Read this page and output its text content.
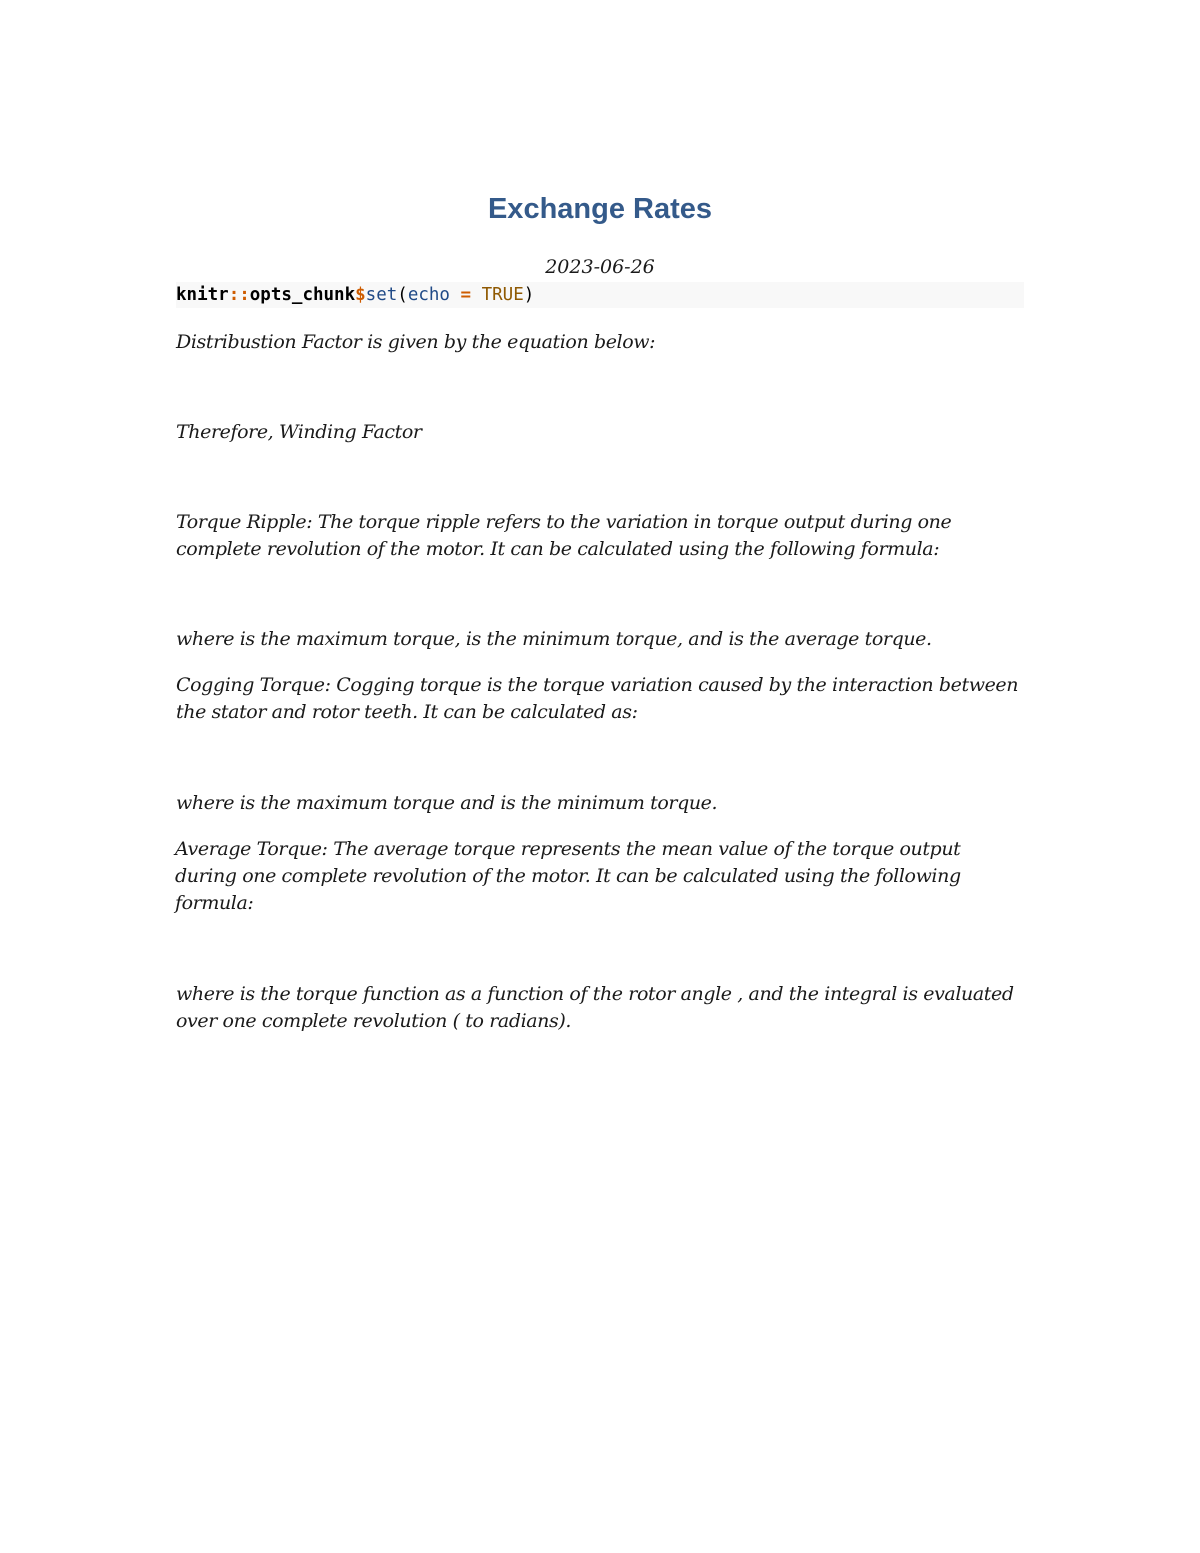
Exchange Rates

2023-06-26

knitr::opts_chunk$set(echo = TRUE)

Distribustion Factor is given by the equation below:

Therefore, Winding Factor

Torque Ripple: The torque ripple refers to the variation in torque output during one complete revolution of the motor. It can be calculated using the following formula:

where is the maximum torque, is the minimum torque, and is the average torque.

Cogging Torque: Cogging torque is the torque variation caused by the interaction between the stator and rotor teeth. It can be calculated as:

where is the maximum torque and is the minimum torque.

Average Torque: The average torque represents the mean value of the torque output during one complete revolution of the motor. It can be calculated using the following formula:

where is the torque function as a function of the rotor angle , and the integral is evaluated over one complete revolution ( to radians).
